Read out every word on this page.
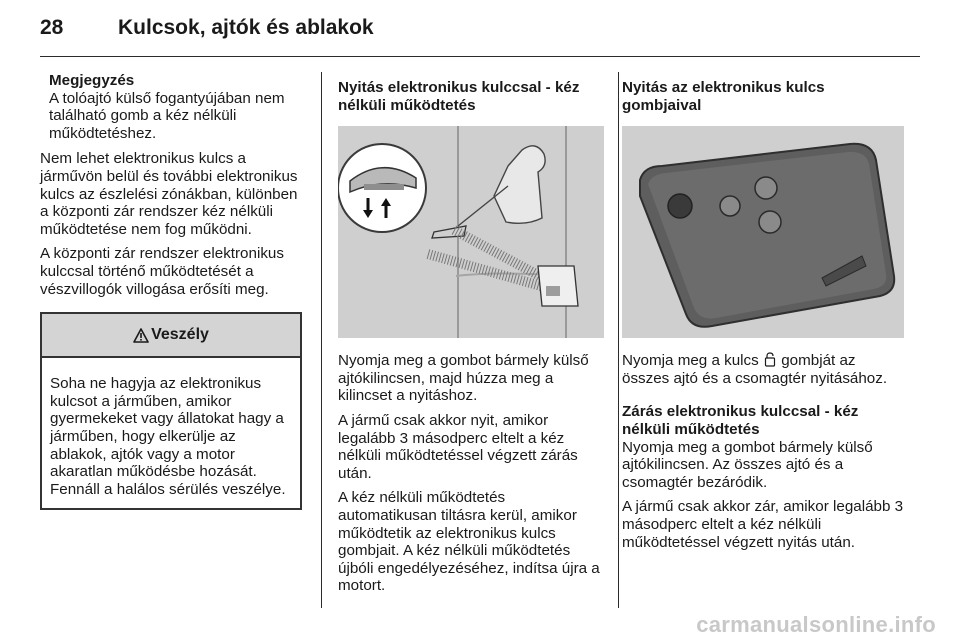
28	Kulcsok, ajtók és ablakok
Megjegyzés
A tolóajtó külső fogantyújában nem található gomb a kéz nélküli működtetéshez.

Nem lehet elektronikus kulcs a járművön belül és további elektronikus kulcs az észlelési zónákban, különben a központi zár rendszer kéz nélküli működtetése nem fog működni.

A központi zár rendszer elektronikus kulccsal történő működtetését a vészvillogók villogása erősíti meg.

Veszély
Soha ne hagyja az elektronikus kulcsot a járműben, amikor gyermekeket vagy állatokat hagy a járműben, hogy elkerülje az ablakok, ajtók vagy a motor akaratlan működésbe hozását. Fennáll a halálos sérülés veszélye.
Nyitás elektronikus kulccsal - kéz nélküli működtetés

Nyomja meg a gombot bármely külső ajtókilincsen, majd húzza meg a kilincset a nyitáshoz.

A jármű csak akkor nyit, amikor legalább 3 másodperc eltelt a kéz nélküli működtetéssel végzett zárás után.

A kéz nélküli működtetés automatikusan tiltásra kerül, amikor működtetik az elektronikus kulcs gombjait. A kéz nélküli működtetés újbóli engedélyezéséhez, indítsa újra a motort.

Nyitás az elektronikus kulcs gombjaival

Nyomja meg a kulcs gombját az összes ajtó és a csomagtér nyitásához.

Zárás elektronikus kulccsal - kéz nélküli működtetés

Nyomja meg a gombot bármely külső ajtókilincsen. Az összes ajtó és a csomagtér bezáródik.

A jármű csak akkor zár, amikor legalább 3 másodperc eltelt a kéz nélküli működtetéssel végzett nyitás után.

carmanualsonline.info
